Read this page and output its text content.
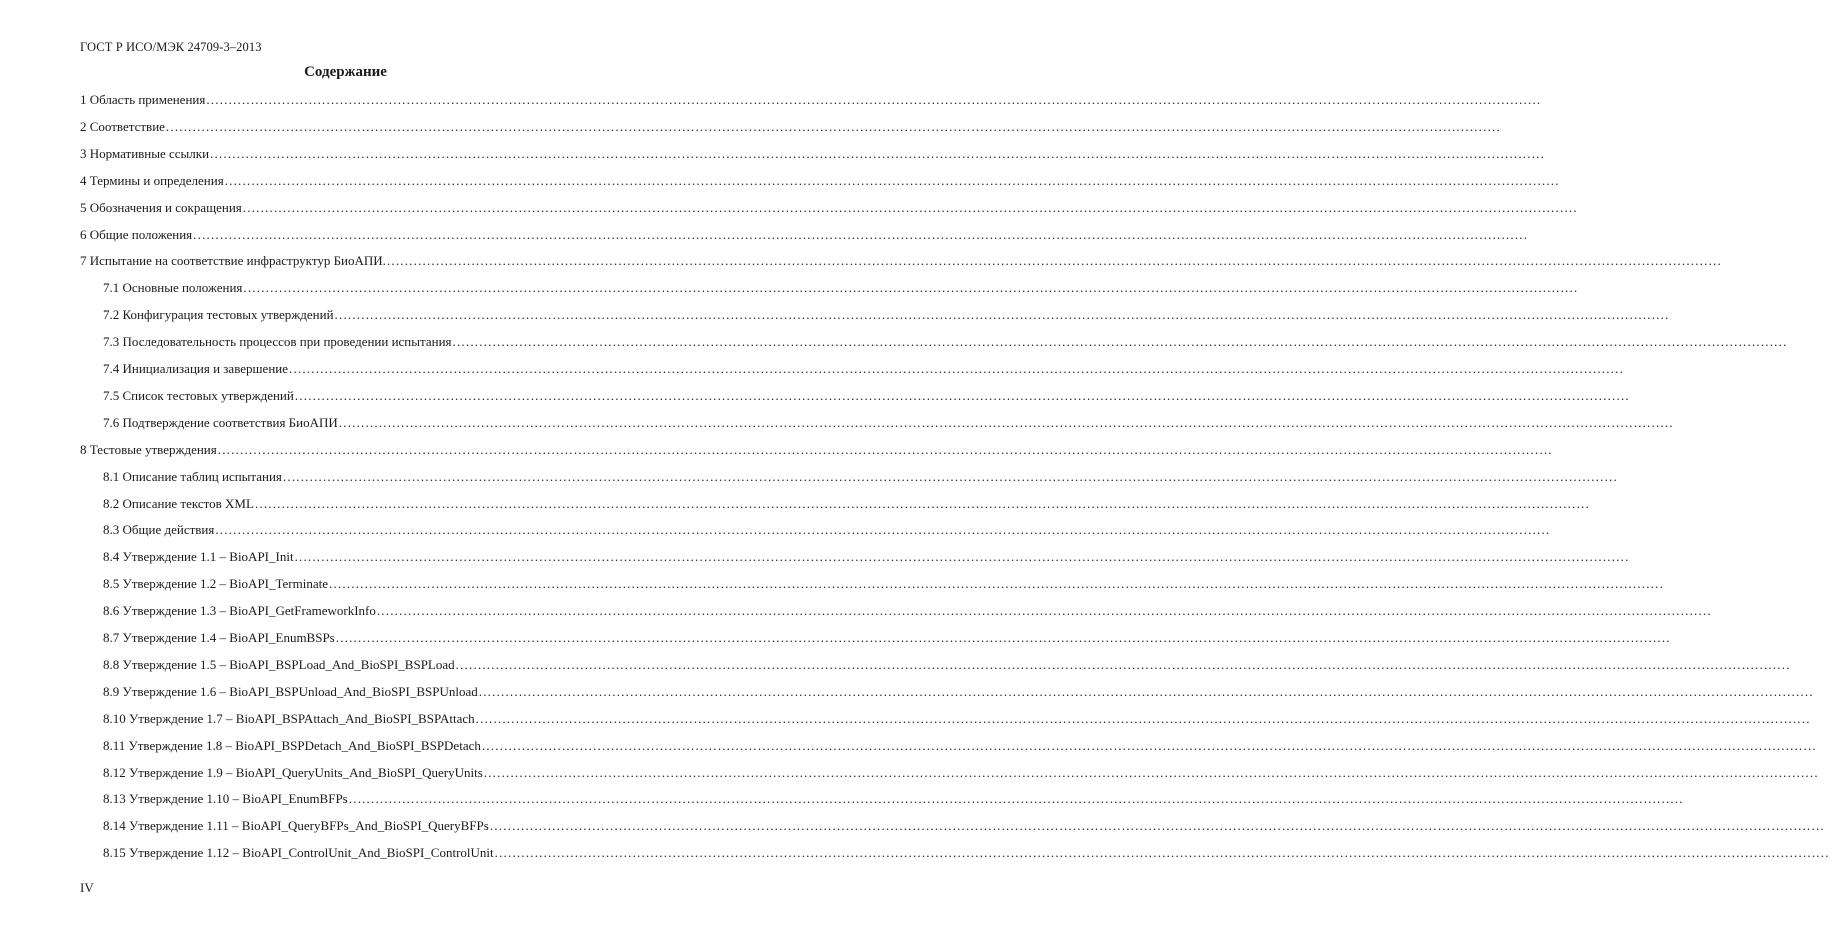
ГОСТ Р ИСО/МЭК 24709-3–2013
Содержание
1 Область применения ............................................................................................................................................................................................................................................................................................................
2 Соответствие ............................................................................................................................................................................................................................................................................................................
3 Нормативные ссылки ............................................................................................................................................................................................................................................................................................................
4 Термины и определения ............................................................................................................................................................................................................................................................................................................
5 Обозначения и сокращения ............................................................................................................................................................................................................................................................................................................
6 Общие положения ............................................................................................................................................................................................................................................................................................................
7 Испытание на соответствие инфраструктур БиоАПИ. ............................................................................................................................................................................................................................................................................................................
7.1 Основные положения ............................................................................................................................................................................................................................................................................................................
7.2 Конфигурация тестовых утверждений ............................................................................................................................................................................................................................................................................................................
7.3 Последовательность процессов при проведении испытания ............................................................................................................................................................................................................................................................................................................
7.4 Инициализация и завершение ............................................................................................................................................................................................................................................................................................................
7.5 Список тестовых утверждений ............................................................................................................................................................................................................................................................................................................
7.6 Подтверждение соответствия БиоАПИ ............................................................................................................................................................................................................................................................................................................
8 Тестовые утверждения ............................................................................................................................................................................................................................................................................................................
8.1 Описание таблиц испытания ............................................................................................................................................................................................................................................................................................................
8.2 Описание текстов XML ............................................................................................................................................................................................................................................................................................................
8.3 Общие действия ............................................................................................................................................................................................................................................................................................................
8.4 Утверждение 1.1 – BioAPI_Init ............................................................................................................................................................................................................................................................................................................
8.5 Утверждение 1.2 – BioAPI_Terminate ............................................................................................................................................................................................................................................................................................................
8.6 Утверждение 1.3 – BioAPI_GetFrameworkInfo ............................................................................................................................................................................................................................................................................................................
8.7 Утверждение 1.4 – BioAPI_EnumBSPs ............................................................................................................................................................................................................................................................................................................
8.8 Утверждение 1.5 – BioAPI_BSPLoad_And_BioSPI_BSPLoad ............................................................................................................................................................................................................................................................................................................
8.9 Утверждение 1.6 – BioAPI_BSPUnload_And_BioSPI_BSPUnload ............................................................................................................................................................................................................................................................................................................
8.10 Утверждение 1.7 – BioAPI_BSPAttach_And_BioSPI_BSPAttach ............................................................................................................................................................................................................................................................................................................
8.11 Утверждение 1.8 – BioAPI_BSPDetach_And_BioSPI_BSPDetach ............................................................................................................................................................................................................................................................................................................
8.12 Утверждение 1.9 – BioAPI_QueryUnits_And_BioSPI_QueryUnits ............................................................................................................................................................................................................................................................................................................
8.13 Утверждение 1.10 – BioAPI_EnumBFPs ............................................................................................................................................................................................................................................................................................................
8.14 Утверждение 1.11 – BioAPI_QueryBFPs_And_BioSPI_QueryBFPs ............................................................................................................................................................................................................................................................................................................
8.15 Утверждение 1.12 – BioAPI_ControlUnit_And_BioSPI_ControlUnit ............................................................................................................................................................................................................................................................................................................
IV
